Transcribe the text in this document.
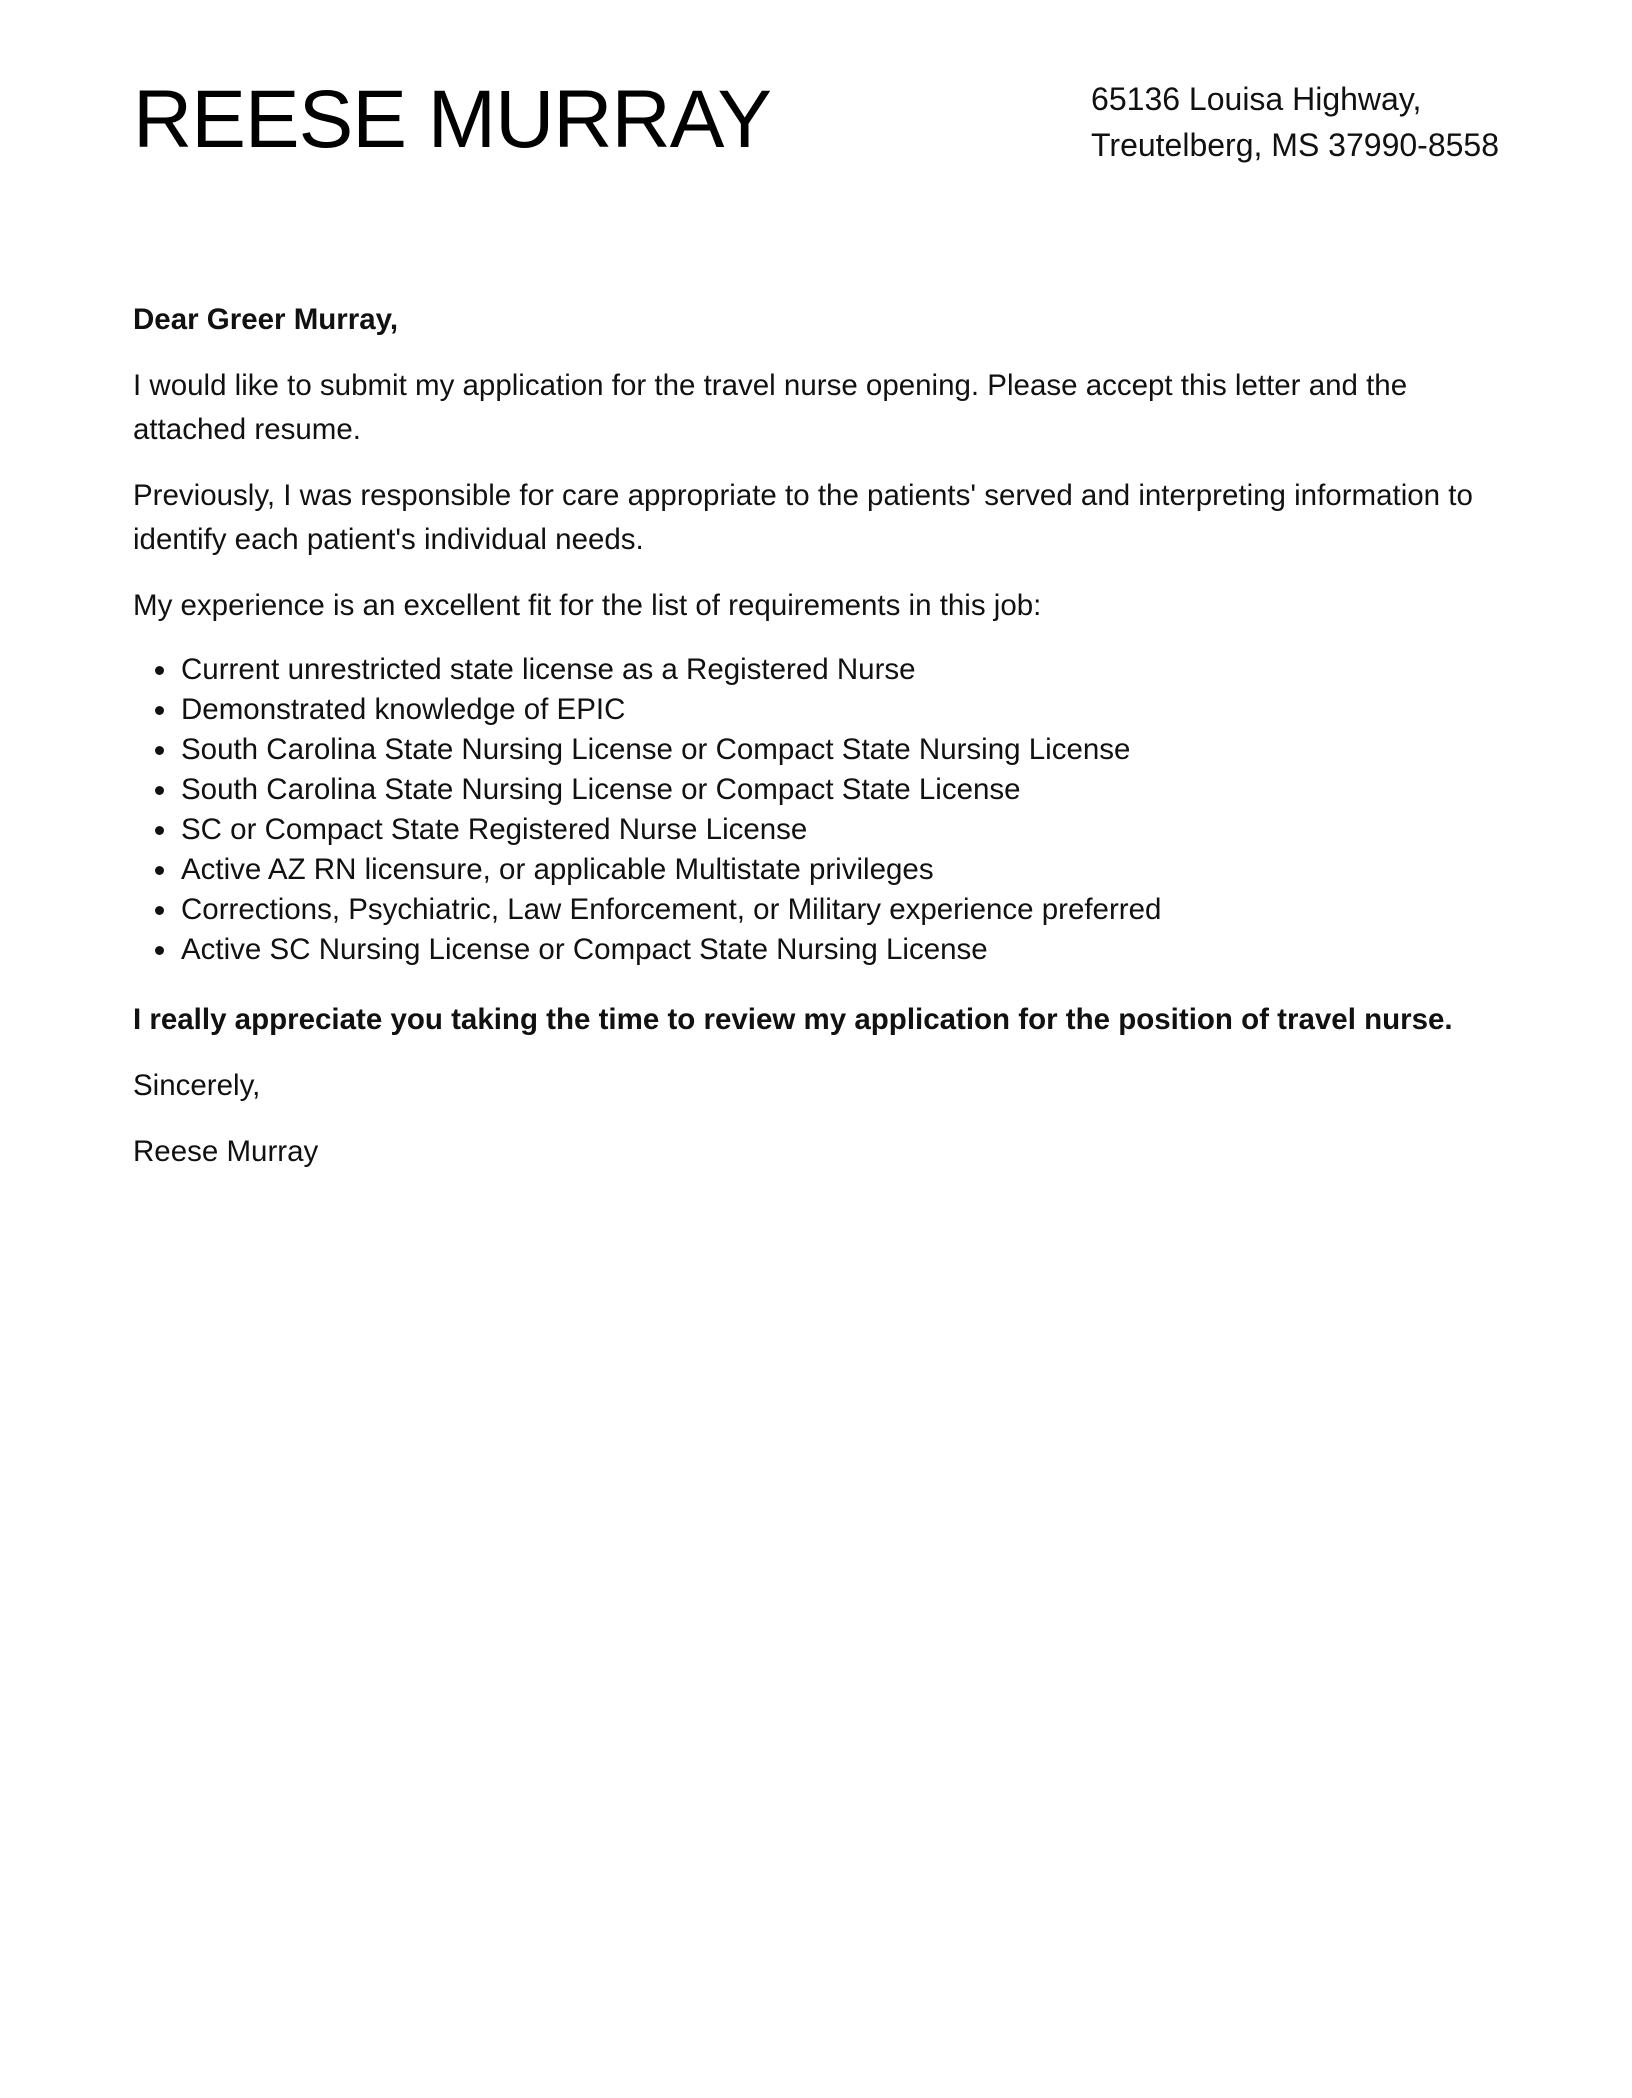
REESE MURRAY	65136 Louisa Highway,
Treutelberg, MS 37990-8558

Dear Greer Murray,

I would like to submit my application for the travel nurse opening. Please accept this letter and the attached resume.

Previously, I was responsible for care appropriate to the patients' served and interpreting information to identify each patient's individual needs.

My experience is an excellent fit for the list of requirements in this job:

Current unrestricted state license as a Registered Nurse
Demonstrated knowledge of EPIC
South Carolina State Nursing License or Compact State Nursing License
South Carolina State Nursing License or Compact State License
SC or Compact State Registered Nurse License
Active AZ RN licensure, or applicable Multistate privileges
Corrections, Psychiatric, Law Enforcement, or Military experience preferred
Active SC Nursing License or Compact State Nursing License

I really appreciate you taking the time to review my application for the position of travel nurse.

Sincerely,

Reese Murray
